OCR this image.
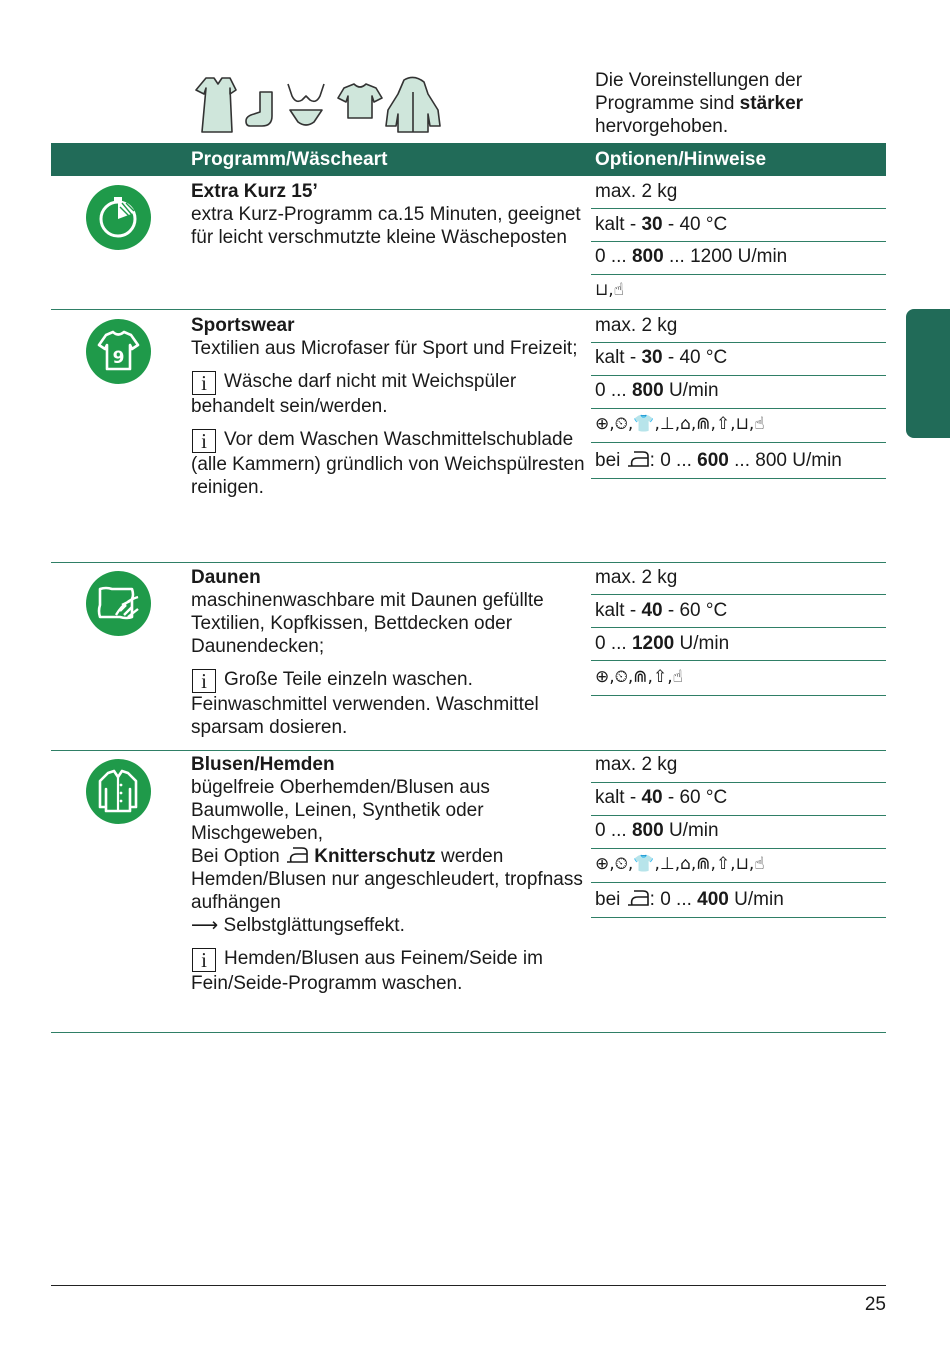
Die Voreinstellungen der Programme sind stärker hervorgehoben.
Programm/Wäscheart	Optionen/Hinweise

Extra Kurz 15’

extra Kurz-Programm ca.15 Minuten, geeignet für leicht verschmutzte kleine Wäscheposten

max. 2 kg
kalt - 30 - 40 °C
0 ... 800 ... 1200 U/min
⊔,☝
9

Sportswear

Textilien aus Microfaser für Sport und Freizeit;

i Wäsche darf nicht mit Weichspüler behandelt sein/werden.

i Vor dem Waschen Waschmittelschublade (alle Kammern) gründlich von Weichspülresten reinigen.

max. 2 kg
kalt - 30 - 40 °C
0 ... 800 U/min
⊕,⏲,👕,⊥,⌂,⋒,⇧,⊔,☝
bei : 0 ... 600 ... 800 U/min

Daunen

maschinenwaschbare mit Daunen gefüllte Textilien, Kopfkissen, Bettdecken oder Daunendecken;

i Große Teile einzeln waschen. Feinwaschmittel verwenden. Waschmittel sparsam dosieren.

max. 2 kg
kalt - 40 - 60 °C
0 ... 1200 U/min
⊕,⏲,⋒,⇧,☝

Blusen/Hemden

bügelfreie Oberhemden/Blusen aus Baumwolle, Leinen, Synthetik oder Mischgeweben,

Bei Option  Knitterschutz werden Hemden/Blusen nur angeschleudert, tropfnass aufhängen

⟶ Selbstglättungseffekt.

i Hemden/Blusen aus Feinem/Seide im Fein/Seide-Programm waschen.

max. 2 kg
kalt - 40 - 60 °C
0 ... 800 U/min
⊕,⏲,👕,⊥,⌂,⋒,⇧,⊔,☝
bei : 0 ... 400 U/min
25
